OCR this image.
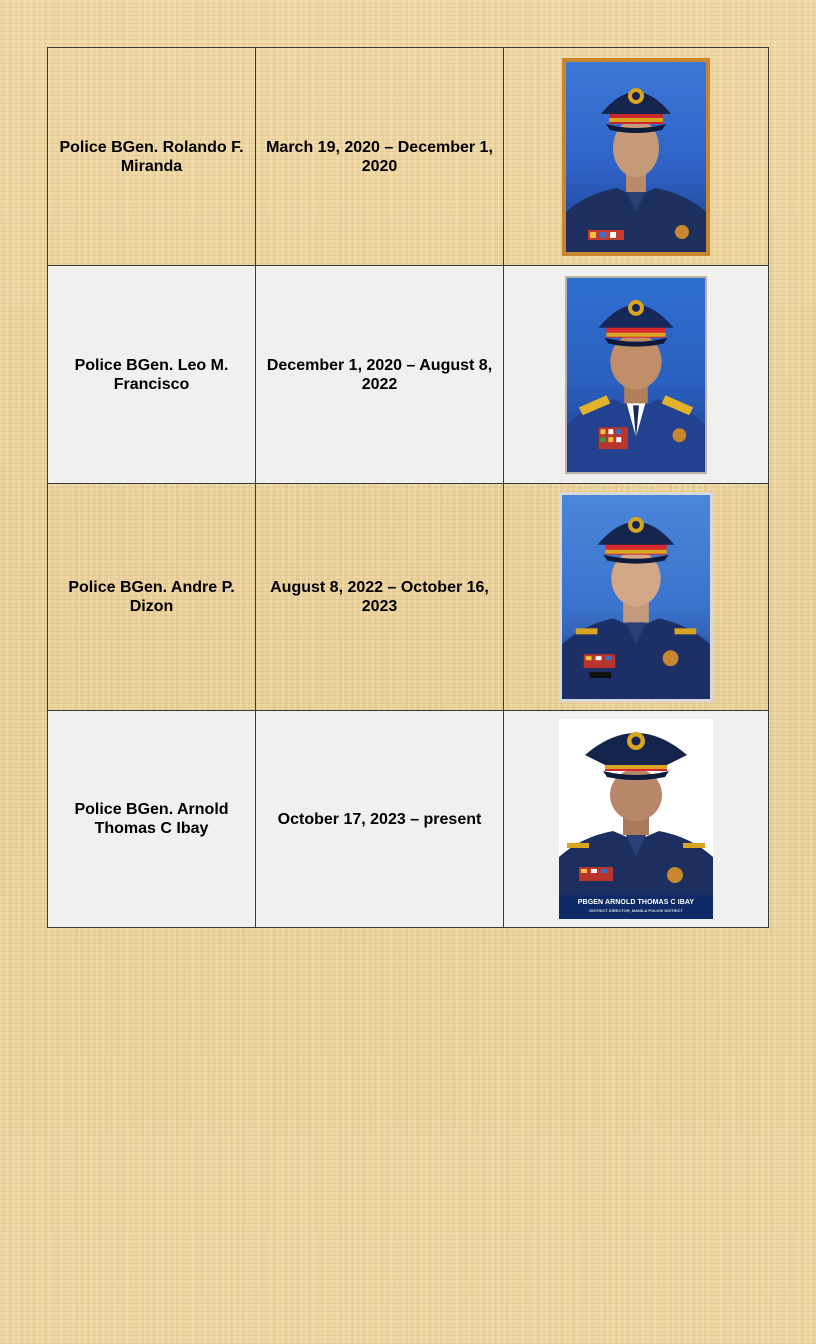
Police BGen. Rolando F. Miranda	March 19, 2020 – December 1, 2020

Police BGen. Leo M. Francisco	December 1, 2020 – August 8, 2022

Police BGen. Andre P. Dizon	August 8, 2022 – October 16, 2023

Police BGen. Arnold Thomas C Ibay	October 17, 2023 – present	PBGEN ARNOLD THOMAS C IBAY
DISTRICT DIRECTOR, MANILA POLICE DISTRICT
